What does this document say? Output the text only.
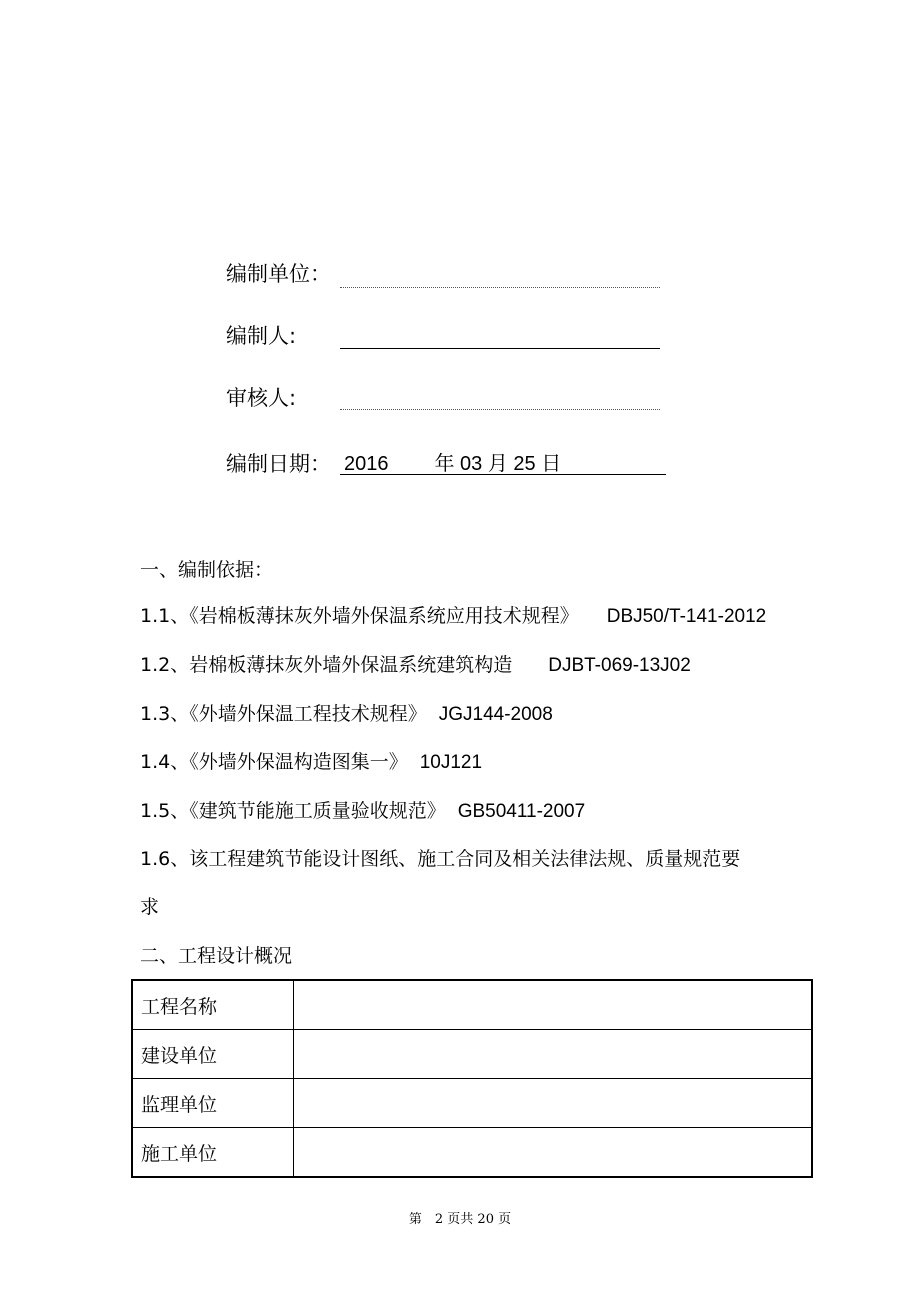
编制单位：
编制人:
审核人:
编制日期： 2016 年 03 月 25 日
一、编制依据：
1.1、《岩棉板薄抹灰外墙外保温系统应用技术规程》 DBJ50/T-141-2012
1.2、岩棉板薄抹灰外墙外保温系统建筑构造 DJBT-069-13J02
1.3、《外墙外保温工程技术规程》 JGJ144-2008
1.4、《外墙外保温构造图集一》 10J121
1.5、《建筑节能施工质量验收规范》 GB50411-2007
1.6、该工程建筑节能设计图纸、施工合同及相关法律法规、质量规范要
求
二、工程设计概况
工程名称	
建设单位	
监理单位	
施工单位	
第　2 页共 20 页
